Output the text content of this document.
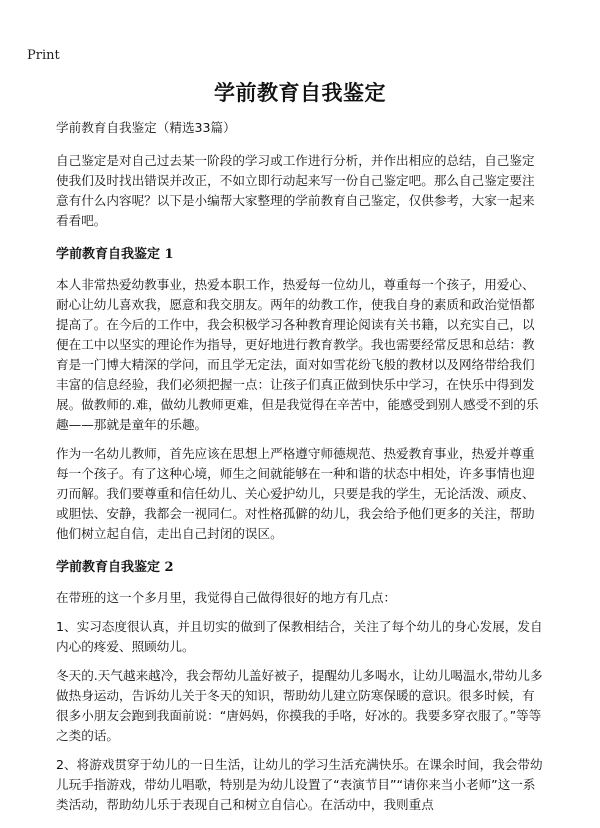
Print
学前教育自我鉴定

学前教育自我鉴定（精选33篇）

自己鉴定是对自己过去某一阶段的学习或工作进行分析，并作出相应的总结，自己鉴定使我们及时找出错误并改正，不如立即行动起来写一份自己鉴定吧。那么自己鉴定要注意有什么内容呢？以下是小编帮大家整理的学前教育自己鉴定，仅供参考，大家一起来看看吧。

学前教育自我鉴定 1

本人非常热爱幼教事业，热爱本职工作，热爱每一位幼儿，尊重每一个孩子，用爱心、耐心让幼儿喜欢我，愿意和我交朋友。两年的幼教工作，使我自身的素质和政治觉悟都提高了。在今后的工作中，我会积极学习各种教育理论阅读有关书籍，以充实自己，以便在工中以坚实的理论作为指导，更好地进行教育教学。我也需要经常反思和总结：教育是一门博大精深的学问，而且学无定法，面对如雪花纷飞般的教材以及网络带给我们丰富的信息经验，我们必须把握一点：让孩子们真正做到快乐中学习，在快乐中得到发展。做教师的.难，做幼儿教师更难，但是我觉得在辛苦中，能感受到别人感受不到的乐趣——那就是童年的乐趣。

作为一名幼儿教师，首先应该在思想上严格遵守师德规范、热爱教育事业，热爱并尊重每一个孩子。有了这种心境，师生之间就能够在一种和谐的状态中相处，许多事情也迎刃而解。我们要尊重和信任幼儿、关心爱护幼儿，只要是我的学生，无论活泼、顽皮、或胆怯、安静，我都会一视同仁。对性格孤僻的幼儿，我会给予他们更多的关注，帮助他们树立起自信，走出自己封闭的误区。

学前教育自我鉴定 2

在带班的这一个多月里，我觉得自己做得很好的地方有几点：

1、实习态度很认真，并且切实的做到了保教相结合，关注了每个幼儿的身心发展，发自内心的疼爱、照顾幼儿。

冬天的.天气越来越冷，我会帮幼儿盖好被子，提醒幼儿多喝水，让幼儿喝温水,带幼儿多做热身运动，告诉幼儿关于冬天的知识，帮助幼儿建立防寒保暖的意识。很多时候，有很多小朋友会跑到我面前说：“唐妈妈，你摸我的手咯，好冰的。我要多穿衣服了。”等等之类的话。

2、将游戏贯穿于幼儿的一日生活，让幼儿的学习生活充满快乐。在课余时间，我会带幼儿玩手指游戏，带幼儿唱歌，特别是为幼儿设置了“表演节目”“请你来当小老师”这一系类活动，帮助幼儿乐于表现自己和树立自信心。在活动中，我则重点
